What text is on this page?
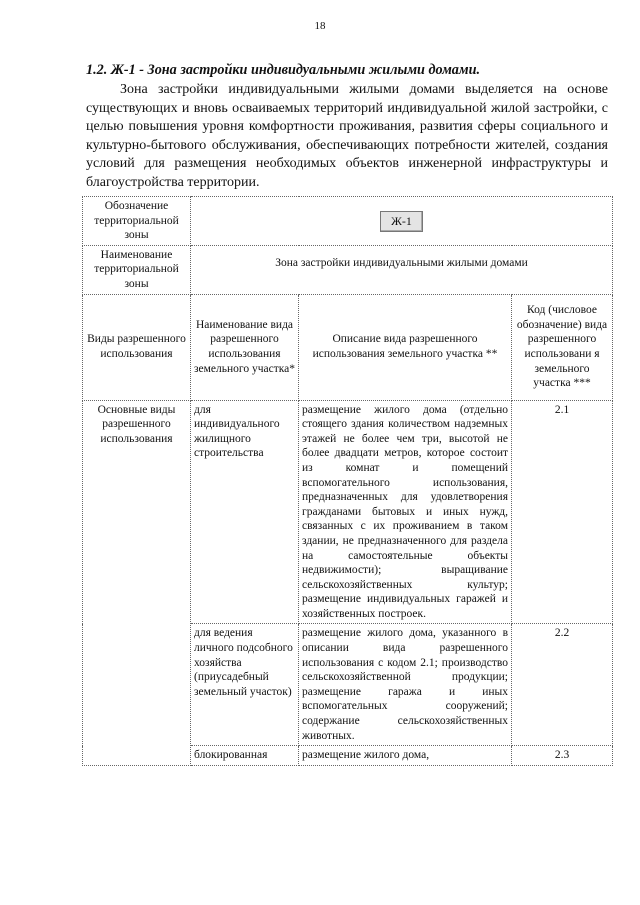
18
1.2. Ж-1 - Зона застройки индивидуальными жилыми домами.
Зона застройки индивидуальными жилыми домами выделяется на основе существующих и вновь осваиваемых территорий индивидуальной жилой застройки, с целью повышения уровня комфортности проживания, развития сферы социального и культурно-бытового обслуживания, обеспечивающих потребности жителей, создания условий для размещения необходимых объектов инженерной инфраструктуры и благоустройства территории.
Обозначение территориальной зоны	Ж-1		
Наименование территориальной зоны	Зона застройки индивидуальными жилыми домами		

Виды разрешенного использования	Наименование вида разрешенного использования земельного участка*	Описание вида разрешенного использования земельного участка **	Код (числовое обозначение) вида разрешенного использовани я земельного участка ***
Основные виды разрешенного использования	для индивидуального жилищного строительства	размещение жилого дома (отдельно стоящего здания количеством надземных этажей не более чем три, высотой не более двадцати метров, которое состоит из комнат и помещений вспомогательного использования, предназначенных для удовлетворения гражданами бытовых и иных нужд, связанных с их проживанием в таком здании, не предназначенного для раздела на самостоятельные объекты недвижимости); выращивание сельскохозяйственных культур; размещение индивидуальных гаражей и хозяйственных построек.	2.1
	для ведения личного подсобного хозяйства (приусадебный земельный участок)	размещение жилого дома, указанного в описании вида разрешенного использования с кодом 2.1; производство сельскохозяйственной продукции; размещение гаража и иных вспомогательных сооружений; содержание сельскохозяйственных животных.	2.2
	блокированная	размещение жилого дома,	2.3
